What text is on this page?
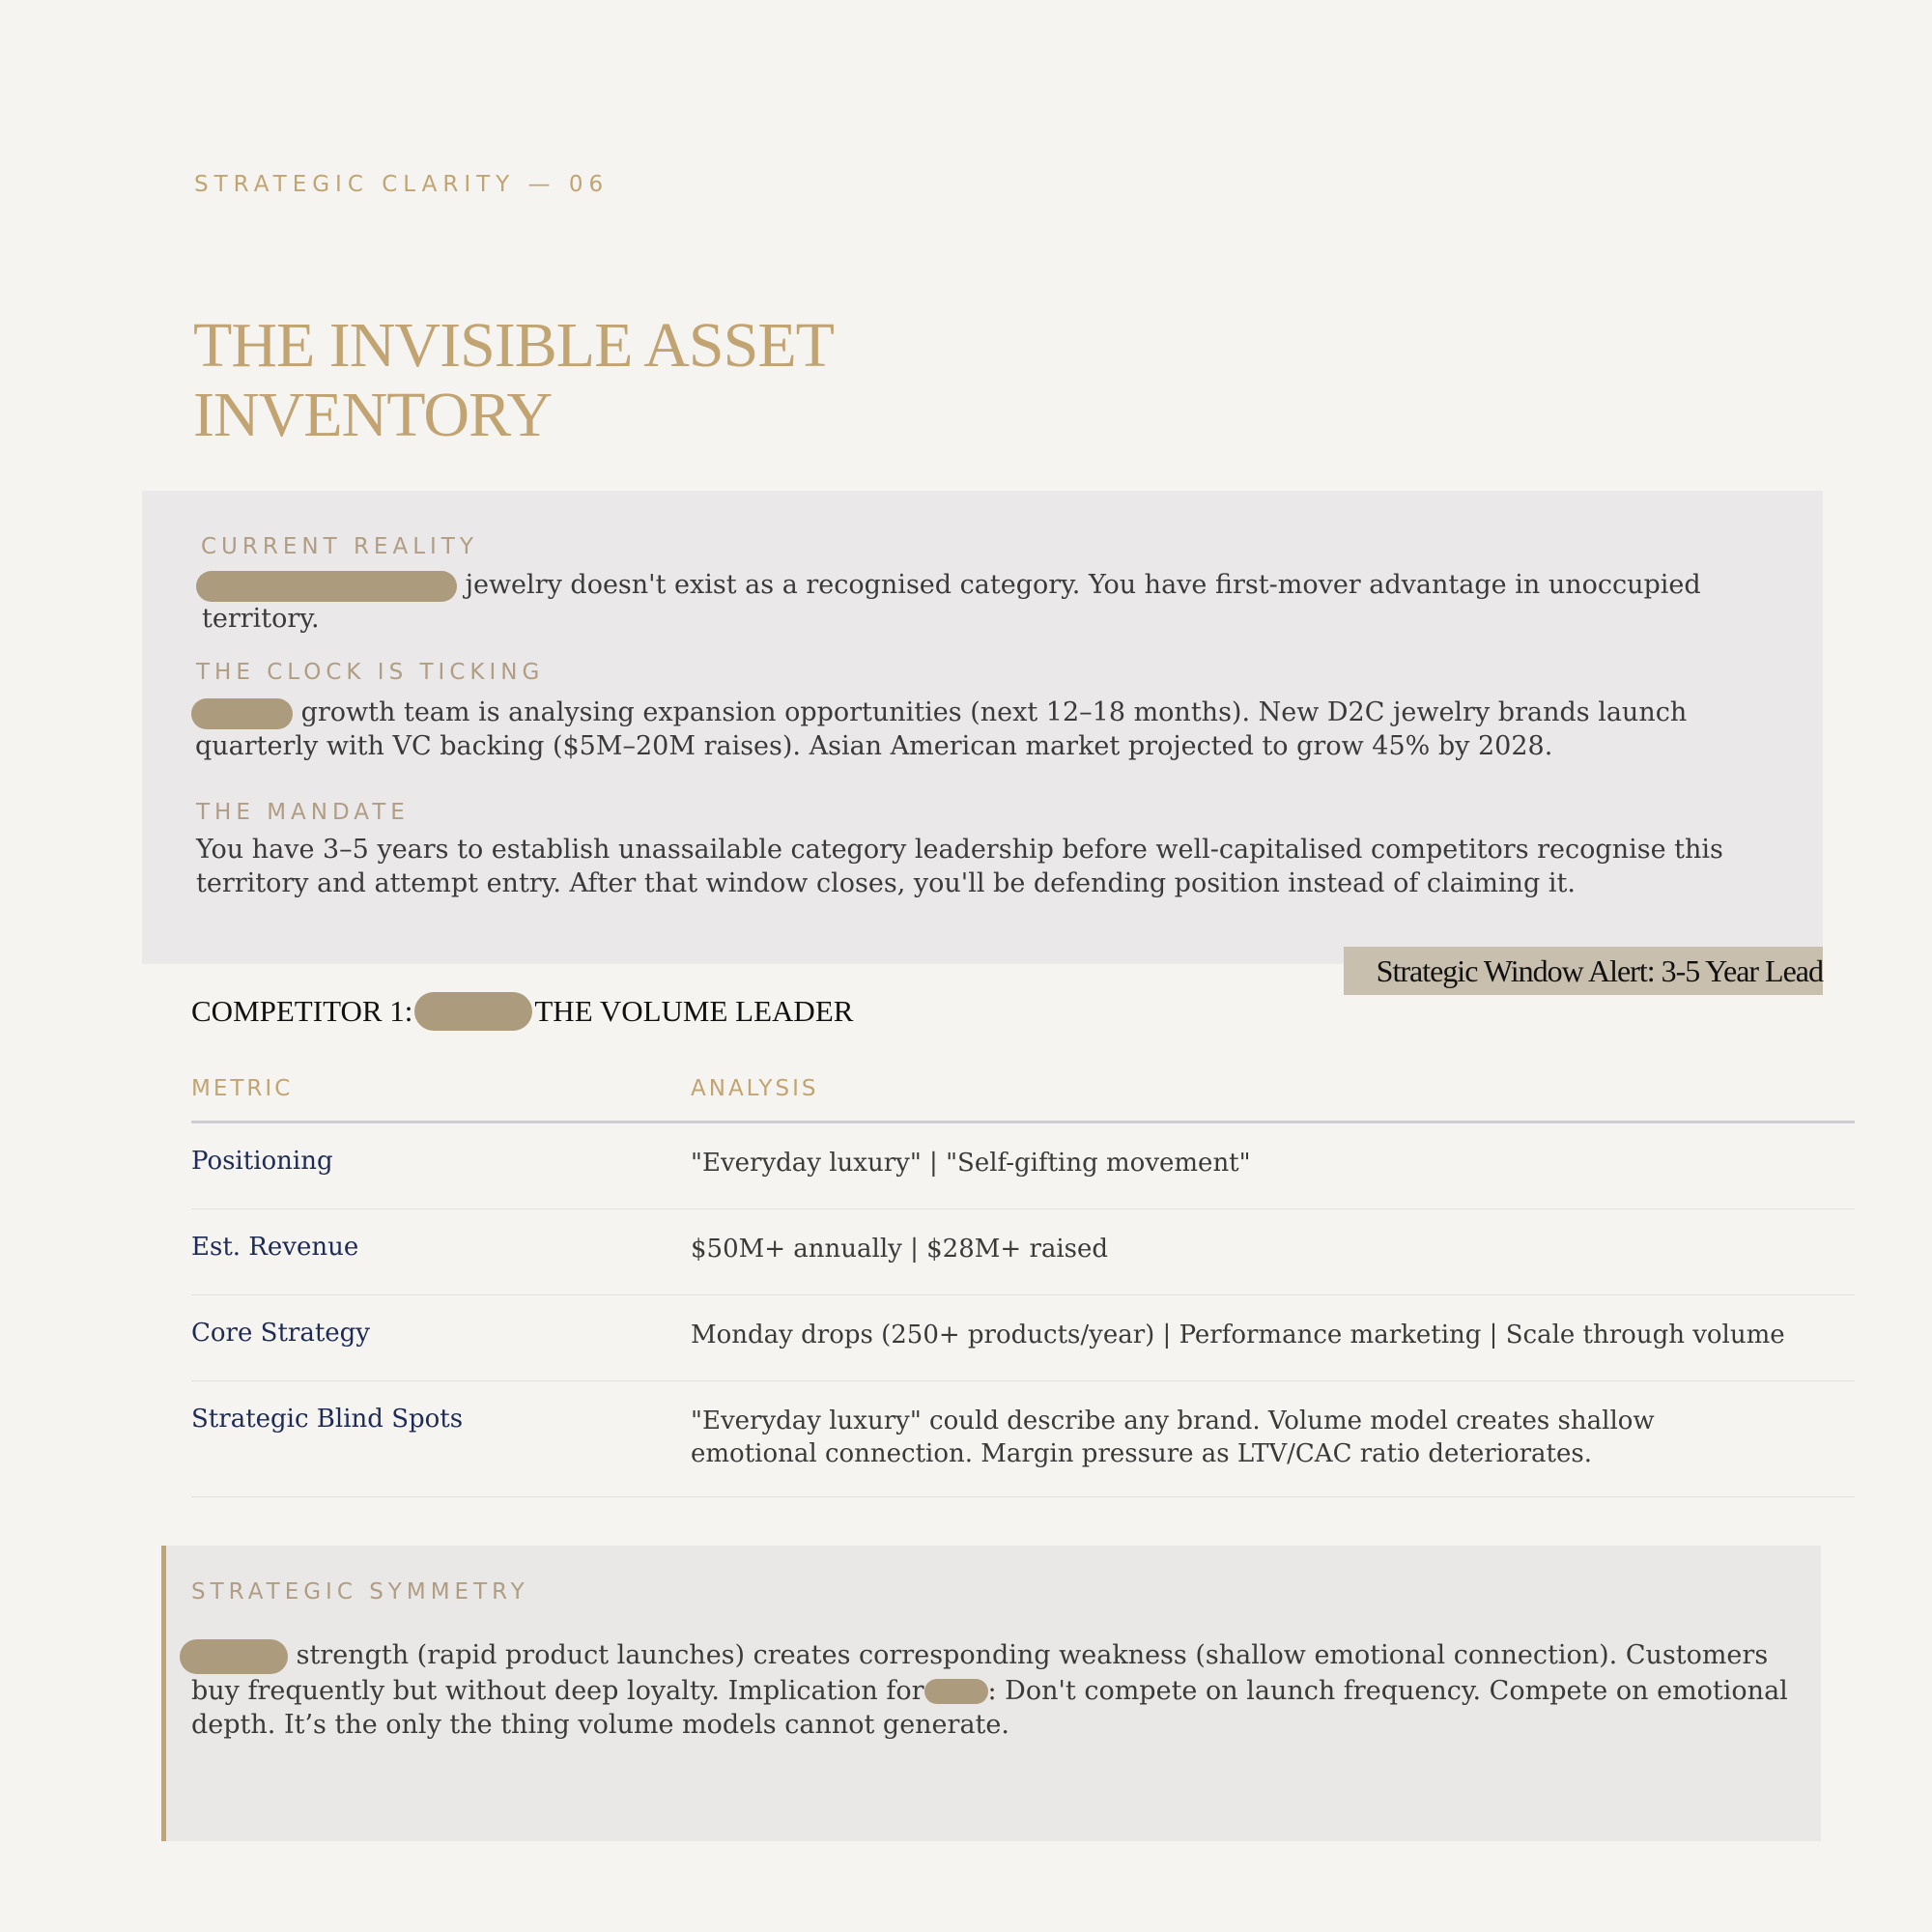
STRATEGIC CLARITY — 06
THE INVISIBLE ASSET
INVENTORY
CURRENT REALITY
jewelry doesn't exist as a recognised category. You have first-mover advantage in unoccupied
territory.
THE CLOCK IS TICKING
growth team is analysing expansion opportunities (next 12–18 months). New D2C jewelry brands launch
quarterly with VC backing ($5M–20M raises). Asian American market projected to grow 45% by 2028.
THE MANDATE
You have 3–5 years to establish unassailable category leadership before well-capitalised competitors recognise this
territory and attempt entry. After that window closes, you'll be defending position instead of claiming it.
Strategic Window Alert: 3-5 Year Lead
COMPETITOR 1:	THE VOLUME LEADER
METRIC	ANALYSIS
Positioning	"Everyday luxury" | "Self-gifting movement"
Est. Revenue	$50M+ annually | $28M+ raised
Core Strategy	Monday drops (250+ products/year) | Performance marketing | Scale through volume
Strategic Blind Spots	"Everyday luxury" could describe any brand. Volume model creates shallow emotional connection. Margin pressure as LTV/CAC ratio deteriorates.
STRATEGIC SYMMETRY
strength (rapid product launches) creates corresponding weakness (shallow emotional connection). Customers
buy frequently but without deep loyalty. Implication for : Don't compete on launch frequency. Compete on emotional
depth. It’s the only the thing volume models cannot generate.
